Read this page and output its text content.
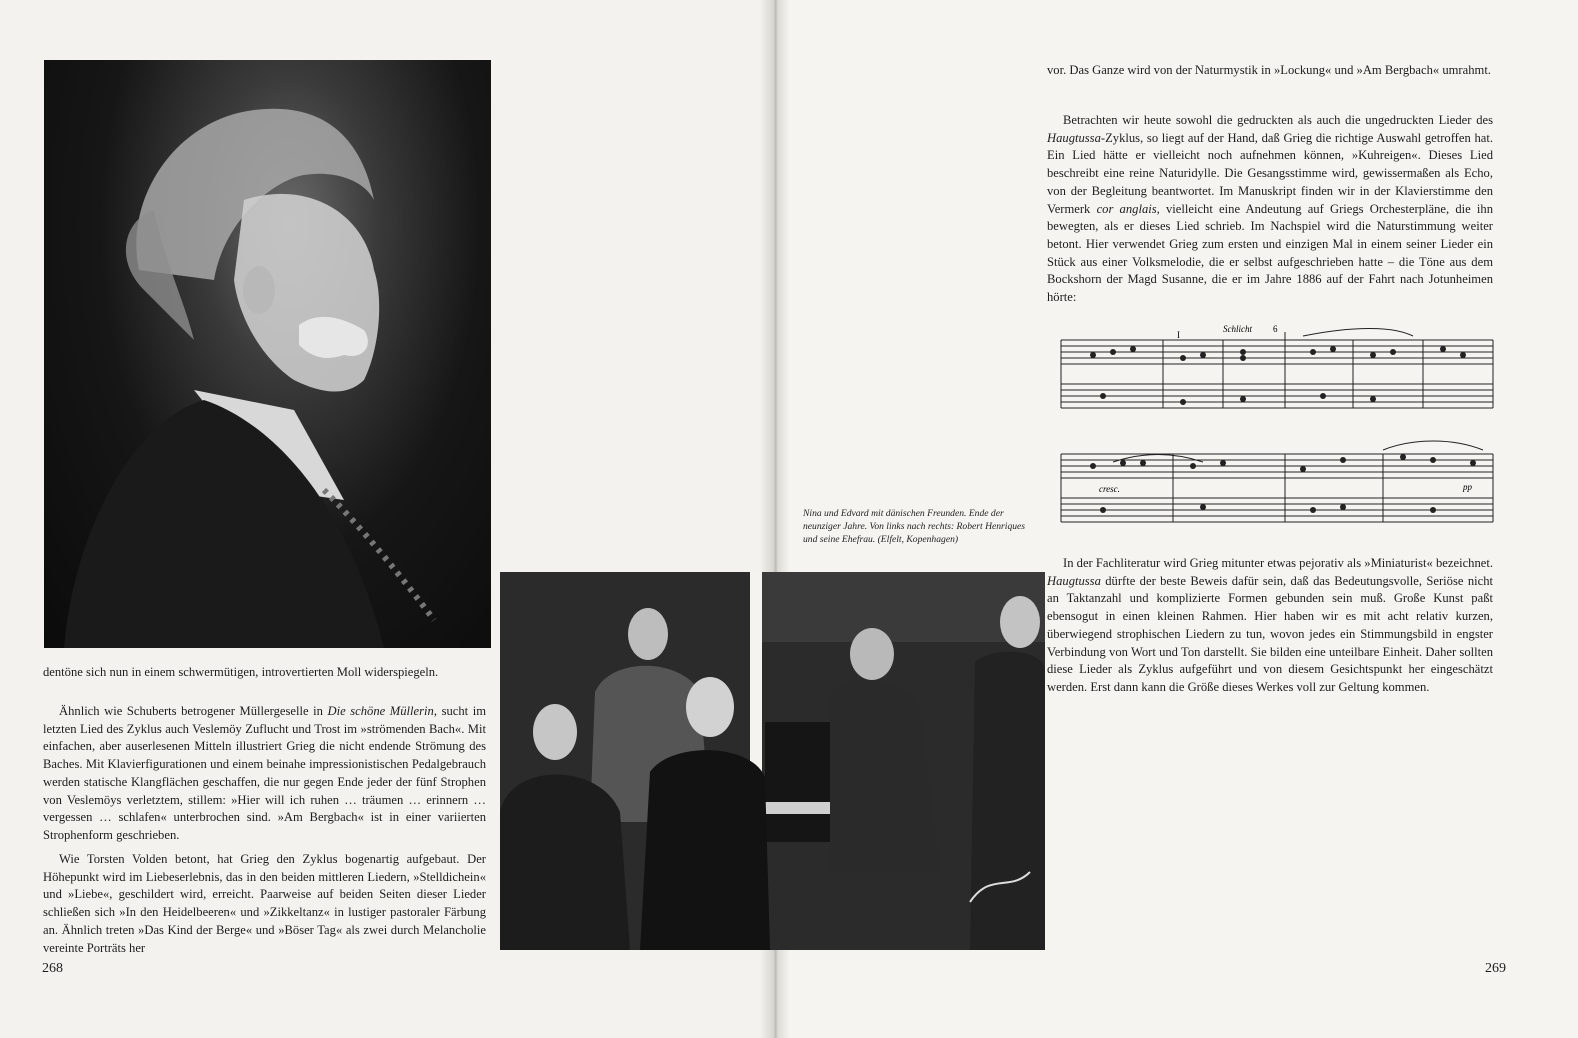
dentöne sich nun in einem schwermütigen, introvertierten Moll widerspiegeln.
Ähnlich wie Schuberts betrogener Müllergeselle in Die schöne Müllerin, sucht im letzten Lied des Zyklus auch Veslemöy Zuflucht und Trost im »strömenden Bach«. Mit einfachen, aber auserlesenen Mitteln illustriert Grieg die nicht endende Strömung des Baches. Mit Klavierfigurationen und einem beinahe impressionistischen Pedalgebrauch werden statische Klangflächen geschaffen, die nur gegen Ende jeder der fünf Strophen von Veslemöys verletztem, stillem: »Hier will ich ruhen … träumen … erinnern … vergessen … schlafen« unterbrochen sind. »Am Bergbach« ist in einer variierten Strophenform geschrieben.
Wie Torsten Volden betont, hat Grieg den Zyklus bogenartig aufgebaut. Der Höhepunkt wird im Liebeserlebnis, das in den beiden mittleren Liedern, »Stelldichein« und »Liebe«, geschildert wird, erreicht. Paarweise auf beiden Seiten dieser Lieder schließen sich »In den Heidelbeeren« und »Zikkeltanz« in lustiger pastoraler Färbung an. Ähnlich treten »Das Kind der Berge« und »Böser Tag« als zwei durch Melancholie vereinte Porträts her
268
Nina und Edvard mit dänischen Freunden. Ende der neunziger Jahre. Von links nach rechts: Robert Henriques und seine Ehefrau. (Elfelt, Kopenhagen)
vor. Das Ganze wird von der Naturmystik in »Lockung« und »Am Bergbach« umrahmt.
Betrachten wir heute sowohl die gedruckten als auch die ungedruckten Lieder des Haugtussa-Zyklus, so liegt auf der Hand, daß Grieg die richtige Auswahl getroffen hat. Ein Lied hätte er vielleicht noch aufnehmen können, »Kuhreigen«. Dieses Lied beschreibt eine reine Naturidylle. Die Gesangsstimme wird, gewissermaßen als Echo, von der Begleitung beantwortet. Im Manuskript finden wir in der Klavierstimme den Vermerk cor anglais, vielleicht eine Andeutung auf Griegs Orchesterpläne, die ihn bewegten, als er dieses Lied schrieb. Im Nachspiel wird die Naturstimmung weiter betont. Hier verwendet Grieg zum ersten und einzigen Mal in einem seiner Lieder ein Stück aus einer Volksmelodie, die er selbst aufgeschrieben hatte – die Töne aus dem Bockshorn der Magd Susanne, die er im Jahre 1886 auf der Fahrt nach Jotunheimen hörte:
Schlicht 6
I
cresc.	pp
In der Fachliteratur wird Grieg mitunter etwas pejorativ als »Miniaturist« bezeichnet. Haugtussa dürfte der beste Beweis dafür sein, daß das Bedeutungsvolle, Seriöse nicht an Taktanzahl und komplizierte Formen gebunden sein muß. Große Kunst paßt ebensogut in einen kleinen Rahmen. Hier haben wir es mit acht relativ kurzen, überwiegend strophischen Liedern zu tun, wovon jedes ein Stimmungsbild in engster Verbindung von Wort und Ton darstellt. Sie bilden eine unteilbare Einheit. Daher sollten diese Lieder als Zyklus aufgeführt und von diesem Gesichtspunkt her eingeschätzt werden. Erst dann kann die Größe dieses Werkes voll zur Geltung kommen.
269
